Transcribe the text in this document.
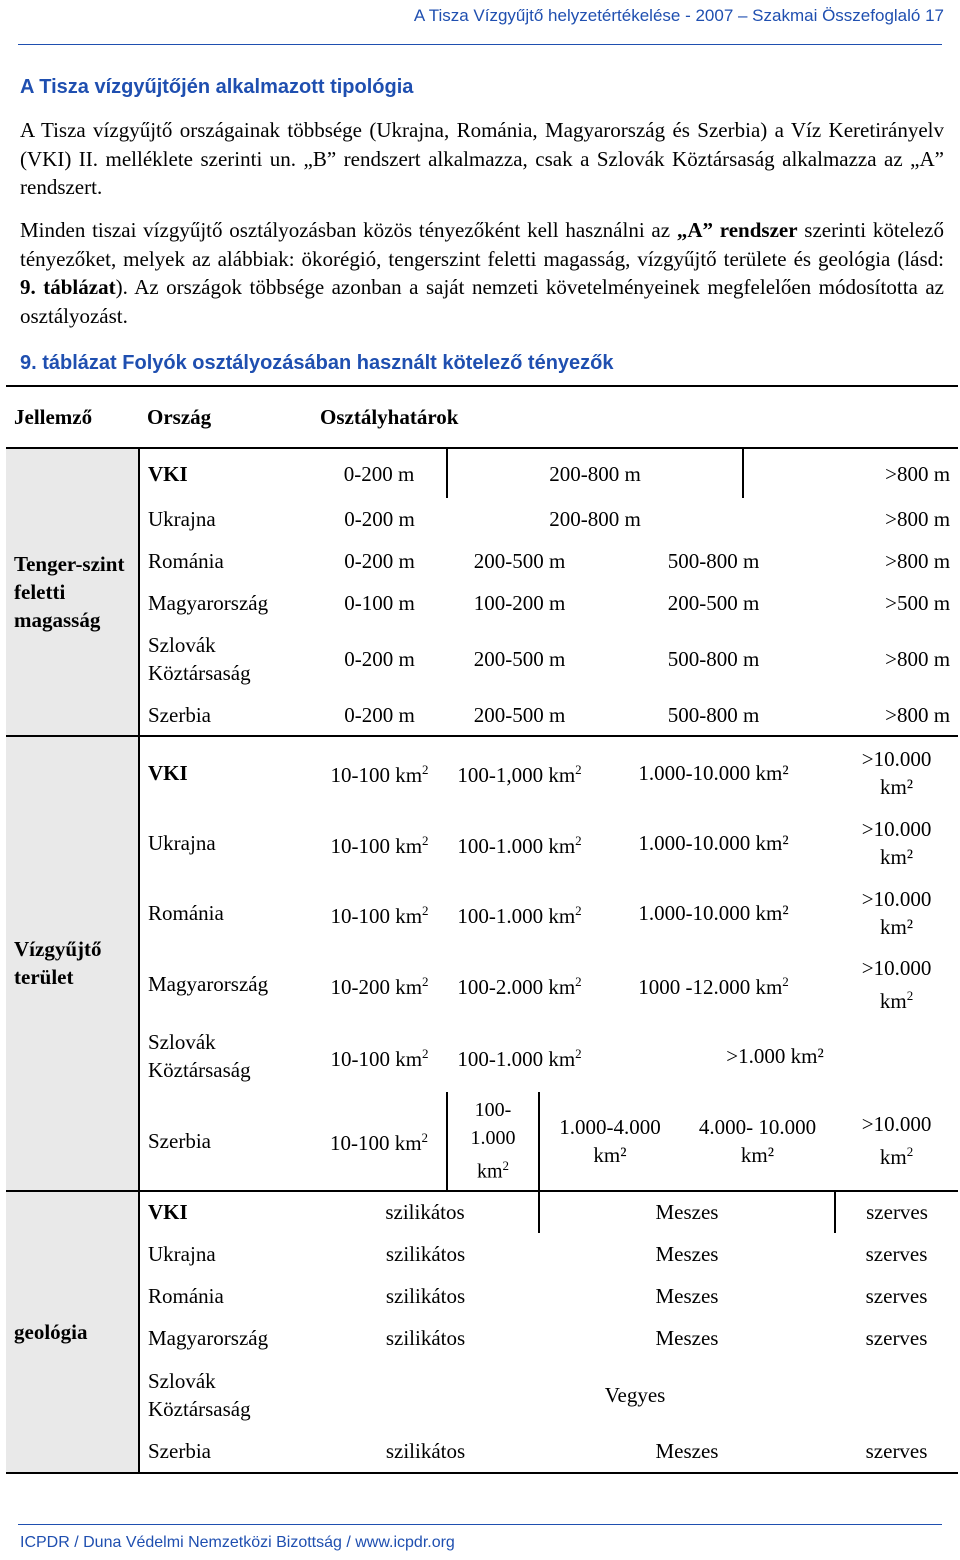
A Tisza Vízgyűjtő helyzetértékelése - 2007 – Szakmai Összefoglaló 17
A Tisza vízgyűjtőjén alkalmazott tipológia
A Tisza vízgyűjtő országainak többsége (Ukrajna, Románia, Magyarország és Szerbia) a Víz Keretirányelv (VKI) II. melléklete szerinti un. „B” rendszert alkalmazza, csak a Szlovák Köztársaság alkalmazza az „A” rendszert.
Minden tiszai vízgyűjtő osztályozásban közös tényezőként kell használni az „A” rendszer szerinti kötelező tényezőket, melyek az alábbiak: ökorégió, tengerszint feletti magasság, vízgyűjtő területe és geológia (lásd: 9. táblázat). Az országok többsége azonban a saját nemzeti követelményeinek megfelelően módosította az osztályozást.
9. táblázat Folyók osztályozásában használt kötelező tényezők
Jellemző	Ország	Osztályhatárok						
Tenger-szint feletti magasság	VKI	0-200 m	200-800 m				>800 m	
	Ukrajna	0-200 m	200-800 m				>800 m	
	Románia	0-200 m	200-500 m		500-800 m			>800 m
	Magyarország	0-100 m	100-200 m		200-500 m			>500 m
	Szlovák Köztársaság	0-200 m	200-500 m		500-800 m			>800 m
	Szerbia	0-200 m	200-500 m		500-800 m			>800 m
Vízgyűjtő terület	VKI	10-100 $km^2$	100-1,000 $km^2$		1.000-10.000 km²			>10.000 km²
	Ukrajna	10-100 $km^2$	100-1.000 $km^2$		1.000-10.000 km²			>10.000 km²
	Románia	10-100 $km^2$	100-1.000 $km^2$		1.000-10.000 km²			>10.000 km²
	Magyarország	10-200 $km^2$	100-2.000 $km^2$		1000 -12.000 $km^2$			>10.000 $km^2$
	Szlovák Köztársaság	10-100 $km^2$	100-1.000 $km^2$		>1.000 km²			
	Szerbia	10-100 $km^2$	100- 1.000 $km^2$	1.000-4.000 km²		4.000- 10.000 km²		>10.000 $km^2$
geológia	VKI	szilikátos		Meszes				szerves
	Ukrajna	szilikátos		Meszes				szerves
	Románia	szilikátos		Meszes				szerves
	Magyarország	szilikátos		Meszes				szerves
	Szlovák Köztársaság	Vegyes						
	Szerbia	szilikátos		Meszes				szerves
ICPDR / Duna Védelmi Nemzetközi Bizottság / www.icpdr.org
